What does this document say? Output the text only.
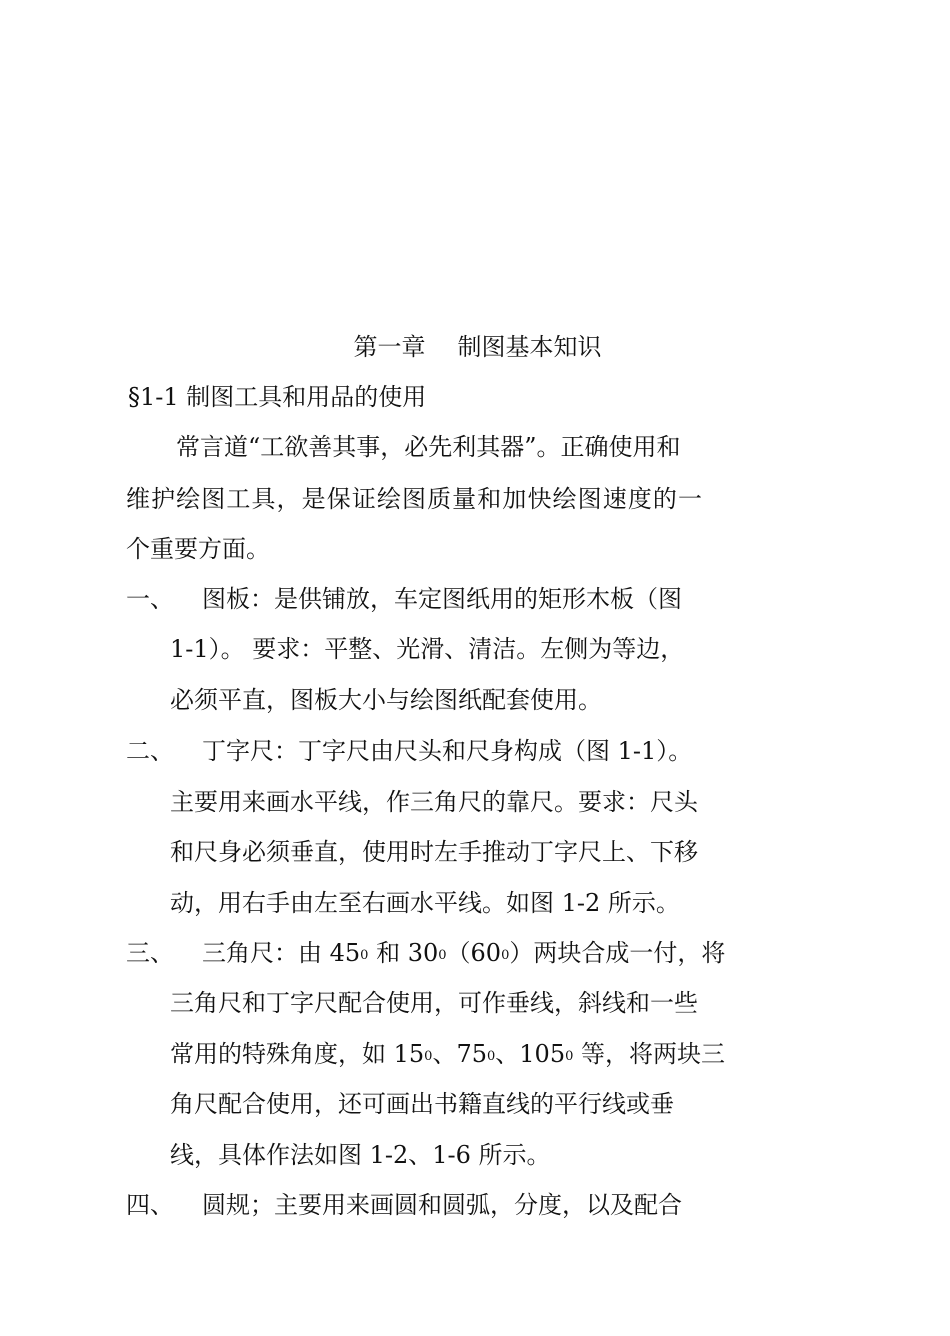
第一章 制图基本知识
§1-1 制图工具和用品的使用
常言道“工欲善其事，必先利其器”。正确使用和
维护绘图工具，是保证绘图质量和加快绘图速度的一
个重要方面。
一、 图板：是供铺放，车定图纸用的矩形木板（图
1-1）。 要求：平整、光滑、清洁。左侧为等边，
必须平直，图板大小与绘图纸配套使用。
二、 丁字尺：丁字尺由尺头和尺身构成（图 1-1）。
主要用来画水平线，作三角尺的靠尺。要求：尺头
和尺身必须垂直，使用时左手推动丁字尺上、下移
动，用右手由左至右画水平线。如图 1-2 所示。
三、 三角尺：由 450 和 300（600）两块合成一付，将
三角尺和丁字尺配合使用，可作垂线，斜线和一些
常用的特殊角度，如 150、750、1050 等，将两块三
角尺配合使用，还可画出书籍直线的平行线或垂
线，具体作法如图 1-2、1-6 所示。
四、 圆规；主要用来画圆和圆弧，分度，以及配合
